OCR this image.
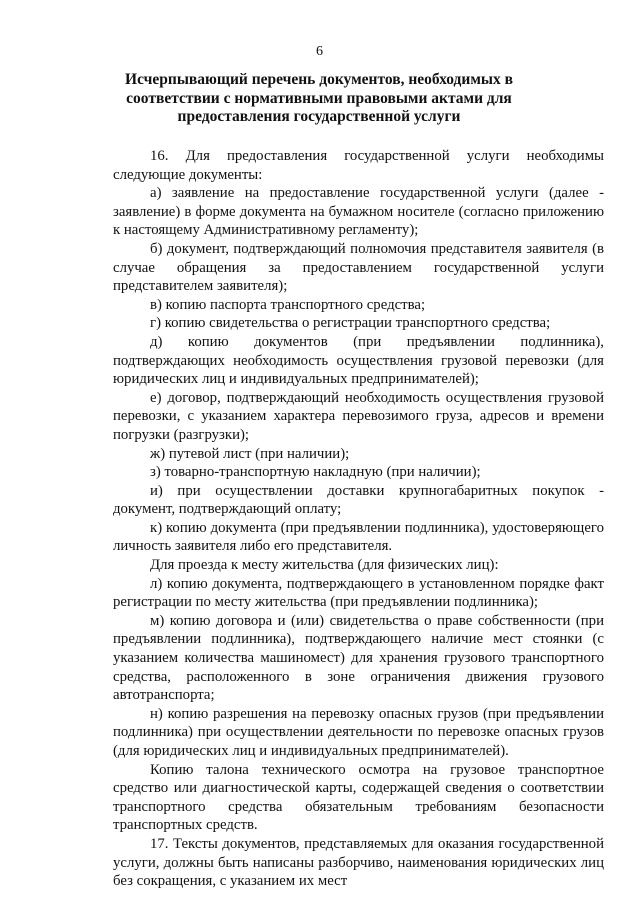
6
Исчерпывающий перечень документов, необходимых в соответствии с нормативными правовыми актами для предоставления государственной услуги

16. Для предоставления государственной услуги необходимы следующие документы:

а) заявление на предоставление государственной услуги (далее - заявление) в форме документа на бумажном носителе (согласно приложению к настоящему Административному регламенту);

б) документ, подтверждающий полномочия представителя заявителя (в случае обращения за предоставлением государственной услуги представителем заявителя);

в) копию паспорта транспортного средства;

г) копию свидетельства о регистрации транспортного средства;

д) копию документов (при предъявлении подлинника), подтверждающих необходимость осуществления грузовой перевозки (для юридических лиц и индивидуальных предпринимателей);

е) договор, подтверждающий необходимость осуществления грузовой перевозки, с указанием характера перевозимого груза, адресов и времени погрузки (разгрузки);

ж) путевой лист (при наличии);

з) товарно-транспортную накладную (при наличии);

и) при осуществлении доставки крупногабаритных покупок - документ, подтверждающий оплату;

к) копию документа (при предъявлении подлинника), удостоверяющего личность заявителя либо его представителя.

Для проезда к месту жительства (для физических лиц):

л) копию документа, подтверждающего в установленном порядке факт регистрации по месту жительства (при предъявлении подлинника);

м) копию договора и (или) свидетельства о праве собственности (при предъявлении подлинника), подтверждающего наличие мест стоянки (с указанием количества машиномест) для хранения грузового транспортного средства, расположенного в зоне ограничения движения грузового автотранспорта;

н) копию разрешения на перевозку опасных грузов (при предъявлении подлинника) при осуществлении деятельности по перевозке опасных грузов (для юридических лиц и индивидуальных предпринимателей).

Копию талона технического осмотра на грузовое транспортное средство или диагностической карты, содержащей сведения о соответствии транспортного средства обязательным требованиям безопасности транспортных средств.

17. Тексты документов, представляемых для оказания государственной услуги, должны быть написаны разборчиво, наименования юридических лиц без сокращения, с указанием их мест
